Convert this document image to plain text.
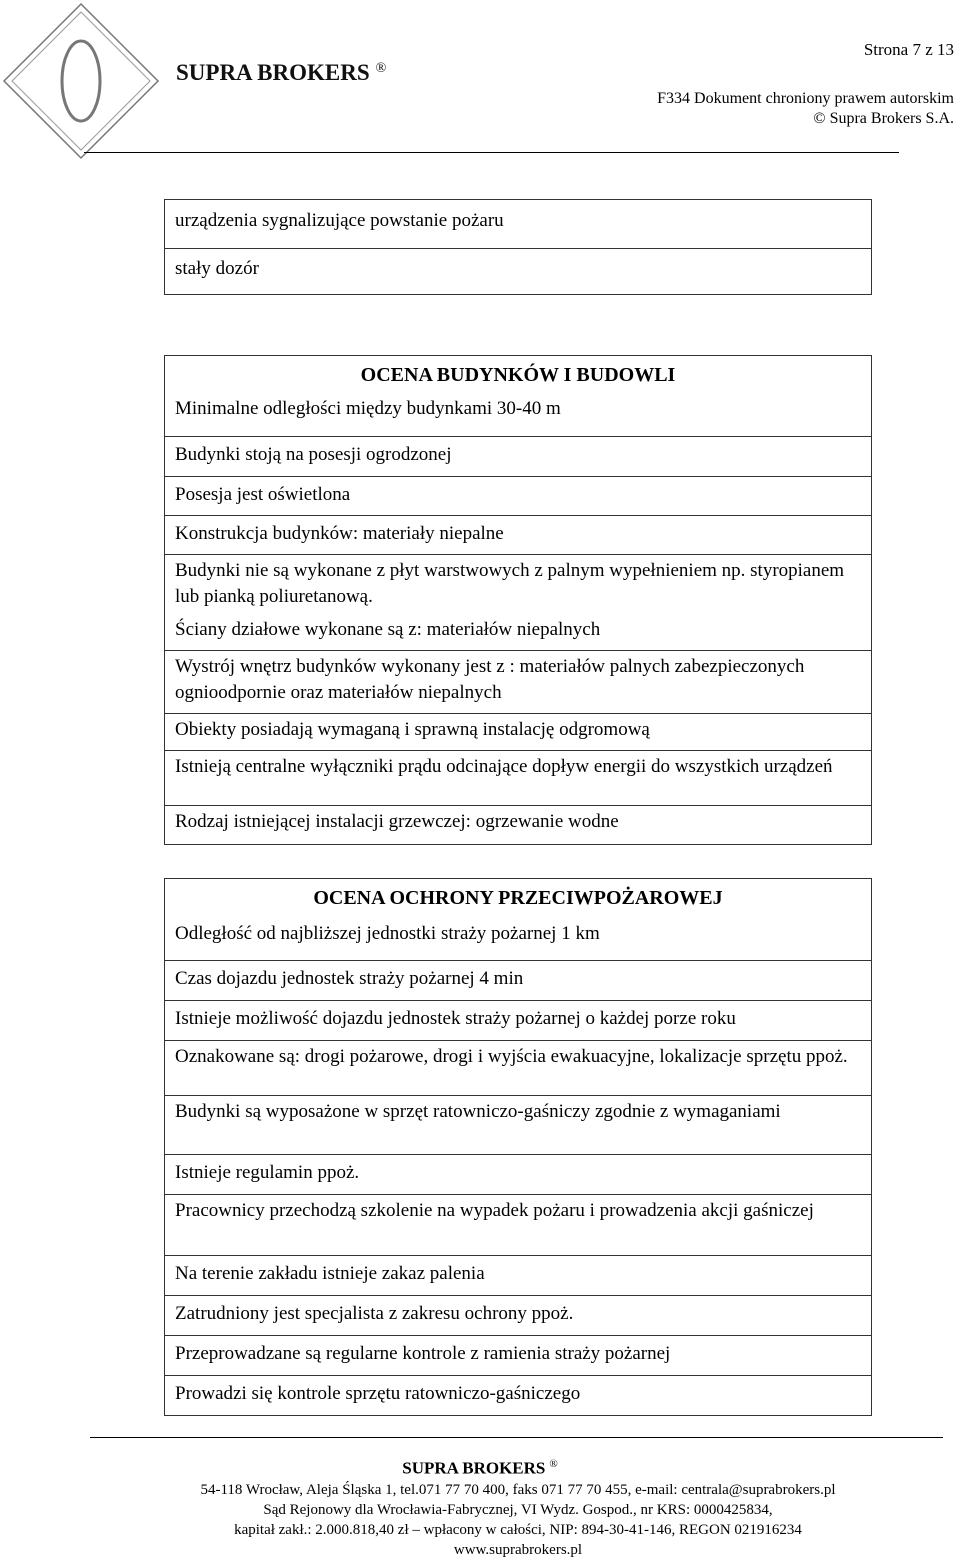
SUPRA BROKERS ®
Strona 7 z 13
F334 Dokument chroniony prawem autorskim
© Supra Brokers S.A.
urządzenia sygnalizujące powstanie pożaru
stały dozór
OCENA BUDYNKÓW I BUDOWLI
Minimalne odległości między budynkami 30-40 m
Budynki stoją na posesji ogrodzonej
Posesja jest oświetlona
Konstrukcja budynków: materiały niepalne
Budynki nie są wykonane z płyt warstwowych z palnym wypełnieniem np. styropianem lub pianką poliuretanową.
Ściany działowe wykonane są z: materiałów niepalnych
Wystrój wnętrz budynków wykonany jest z : materiałów palnych zabezpieczonych ognioodpornie oraz materiałów niepalnych
Obiekty posiadają wymaganą i sprawną instalację odgromową
Istnieją centralne wyłączniki prądu odcinające dopływ energii do wszystkich urządzeń
Rodzaj istniejącej instalacji grzewczej: ogrzewanie wodne
OCENA OCHRONY PRZECIWPOŻAROWEJ
Odległość od najbliższej jednostki straży pożarnej 1 km
Czas dojazdu jednostek straży pożarnej 4 min
Istnieje możliwość dojazdu jednostek straży pożarnej o każdej porze roku
Oznakowane są: drogi pożarowe, drogi i wyjścia ewakuacyjne, lokalizacje sprzętu ppoż.
Budynki są wyposażone w sprzęt ratowniczo-gaśniczy zgodnie z wymaganiami
Istnieje regulamin ppoż.
Pracownicy przechodzą szkolenie na wypadek pożaru i prowadzenia akcji gaśniczej
Na terenie zakładu istnieje zakaz palenia
Zatrudniony jest specjalista z zakresu ochrony ppoż.
Przeprowadzane są regularne kontrole z ramienia straży pożarnej
Prowadzi się kontrole sprzętu ratowniczo-gaśniczego
SUPRA BROKERS ®
54-118 Wrocław, Aleja Śląska 1, tel.071 77 70 400, faks 071 77 70 455, e-mail: centrala@suprabrokers.pl
Sąd Rejonowy dla Wrocławia-Fabrycznej, VI Wydz. Gospod., nr KRS: 0000425834,
kapitał zakł.: 2.000.818,40 zł – wpłacony w całości, NIP: 894-30-41-146, REGON 021916234
www.suprabrokers.pl
